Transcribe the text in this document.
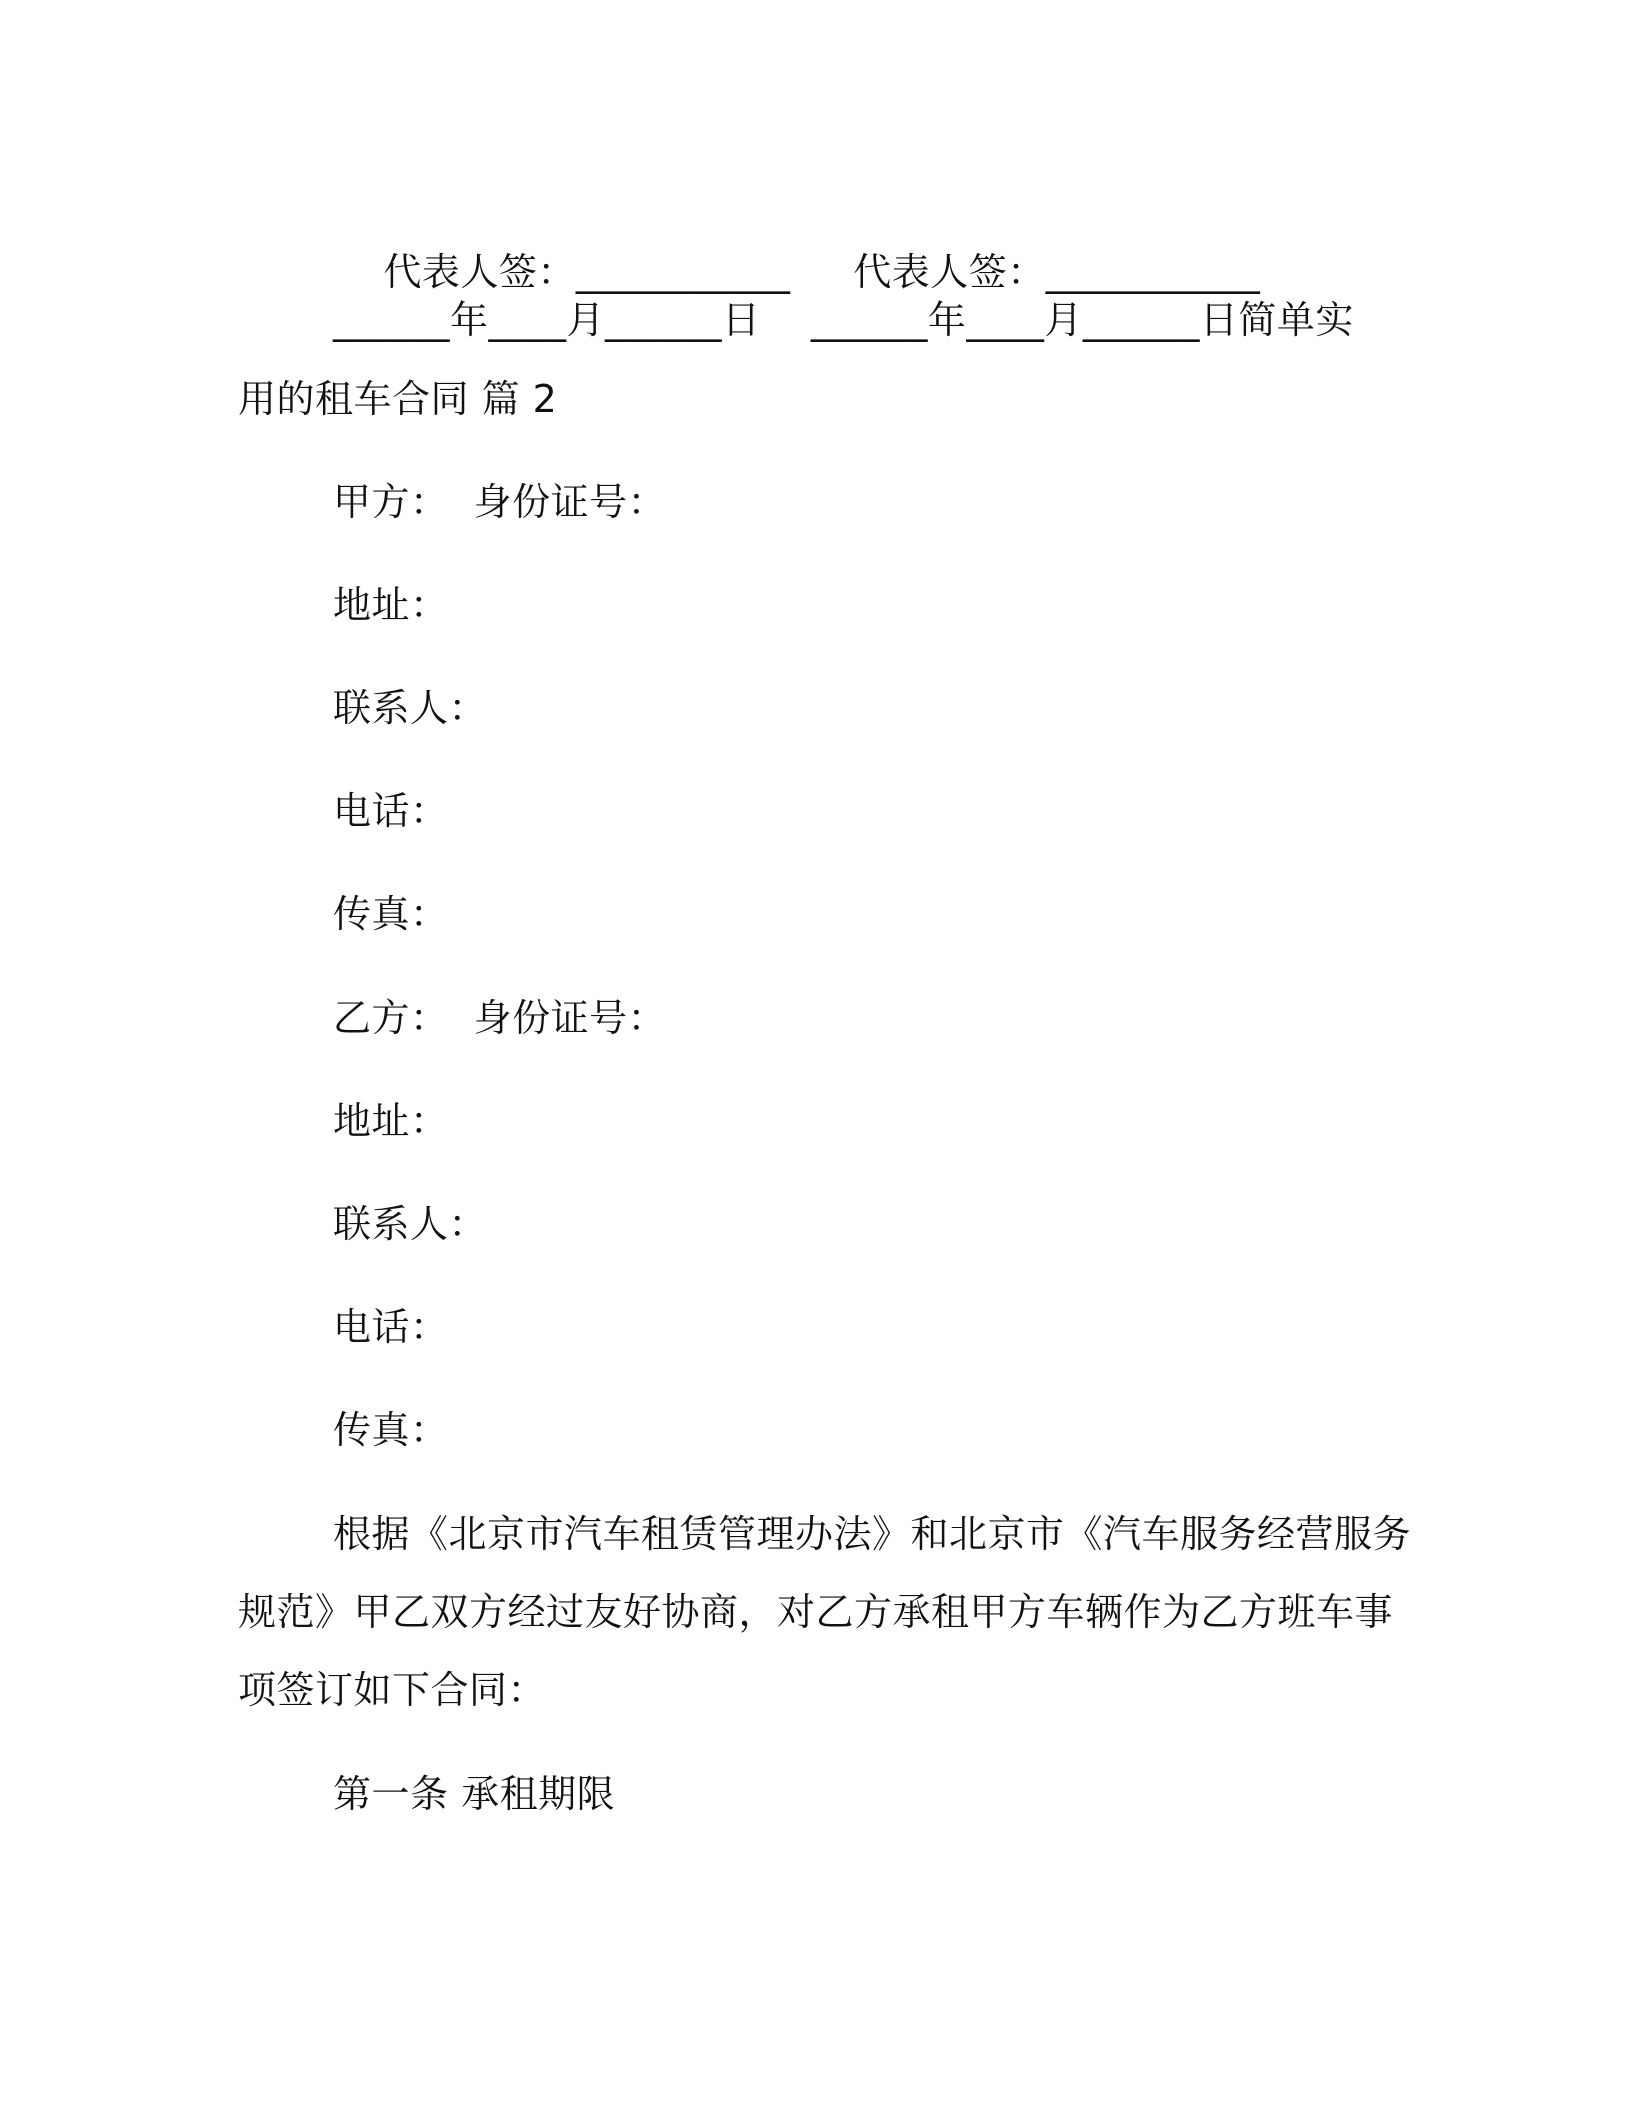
代表人签：___________ 代表人签：___________

______年____月______日    ______年____月______日简单实
用的租车合同 篇 2
甲方：  身份证号：
地址：
联系人：
电话：
传真：
乙方：  身份证号：
地址：
联系人：
电话：
传真：
根据《北京市汽车租赁管理办法》和北京市《汽车服务经营服务
规范》甲乙双方经过友好协商，对乙方承租甲方车辆作为乙方班车事
项签订如下合同：
第一条 承租期限
